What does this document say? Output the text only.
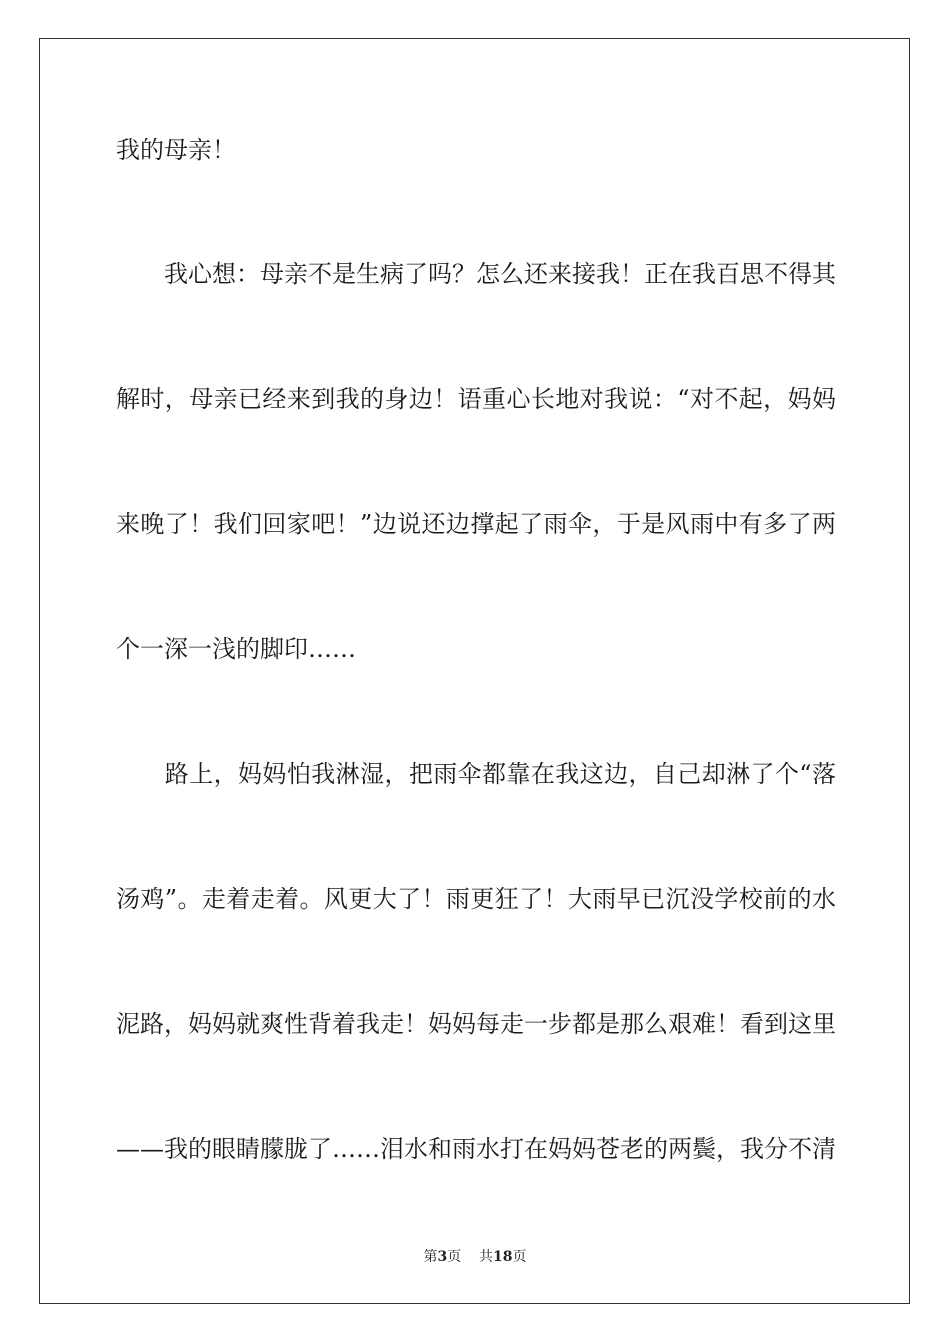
我的母亲！
　　我心想：母亲不是生病了吗？怎么还来接我！正在我百思不得其
解时，母亲已经来到我的身边！语重心长地对我说：“对不起，妈妈
来晚了！我们回家吧！”边说还边撑起了雨伞，于是风雨中有多了两
个一深一浅的脚印……
　　路上，妈妈怕我淋湿，把雨伞都靠在我这边，自己却淋了个“落
汤鸡”。走着走着。风更大了！雨更狂了！大雨早已沉没学校前的水
泥路，妈妈就爽性背着我走！妈妈每走一步都是那么艰难！看到这里
——我的眼睛朦胧了……泪水和雨水打在妈妈苍老的两鬓，我分不清
第3页 共18页
